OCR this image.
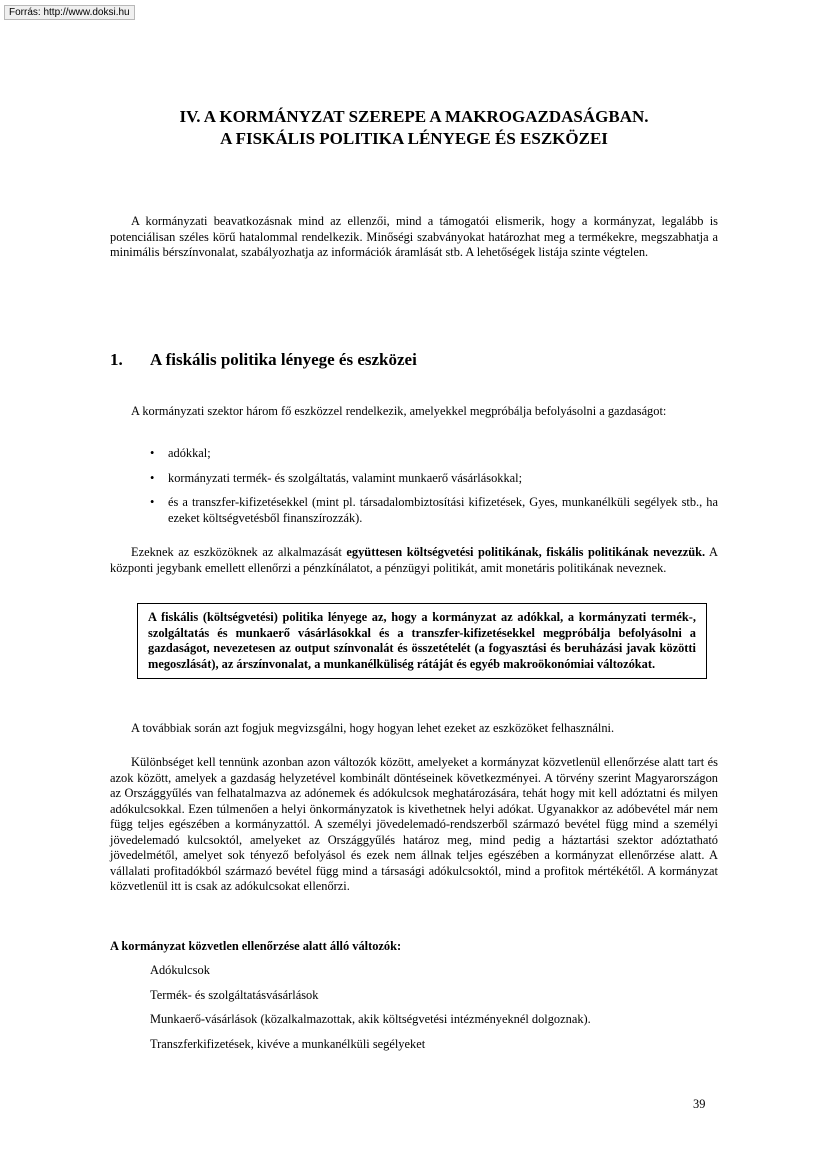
Forrás: http://www.doksi.hu
IV. A KORMÁNYZAT SZEREPE A MAKROGAZDASÁGBAN.
A FISKÁLIS POLITIKA LÉNYEGE ÉS ESZKÖZEI

A kormányzati beavatkozásnak mind az ellenzői, mind a támogatói elismerik, hogy a kormányzat, legalább is potenciálisan széles körű hatalommal rendelkezik. Minőségi szabványokat határozhat meg a termékekre, megszabhatja a minimális bérszínvonalat, szabályozhatja az információk áramlását stb. A lehetőségek listája szinte végtelen.

1. A fiskális politika lényege és eszközei

A kormányzati szektor három fő eszközzel rendelkezik, amelyekkel megpróbálja befolyásolni a gazdaságot:

• adókkal;
• kormányzati termék- és szolgáltatás, valamint munkaerő vásárlásokkal;
• és a transzfer-kifizetésekkel (mint pl. társadalombiztosítási kifizetések, Gyes, munkanélküli segélyek stb., ha ezeket költségvetésből finanszírozzák).

Ezeknek az eszközöknek az alkalmazását együttesen költségvetési politikának, fiskális politikának nevezzük. A központi jegybank emellett ellenőrzi a pénzkínálatot, a pénzügyi politikát, amit monetáris politikának neveznek.

A fiskális (költségvetési) politika lényege az, hogy a kormányzat az adókkal, a kormányzati termék-, szolgáltatás és munkaerő vásárlásokkal és a transzfer-kifizetésekkel megpróbálja befolyásolni a gazdaságot, nevezetesen az output színvonalát és összetételét (a fogyasztási és beruházási javak közötti megoszlását), az árszínvonalat, a munkanélküliség rátáját és egyéb makroökonómiai változókat.

A továbbiak során azt fogjuk megvizsgálni, hogy hogyan lehet ezeket az eszközöket felhasználni.

Különbséget kell tennünk azonban azon változók között, amelyeket a kormányzat közvetlenül ellenőrzése alatt tart és azok között, amelyek a gazdaság helyzetével kombinált döntéseinek következményei. A törvény szerint Magyarországon az Országgyűlés van felhatalmazva az adónemek és adókulcsok meghatározására, tehát hogy mit kell adóztatni és milyen adókulcsokkal. Ezen túlmenően a helyi önkormányzatok is kivethetnek helyi adókat. Ugyanakkor az adóbevétel már nem függ teljes egészében a kormányzattól. A személyi jövedelemadó-rendszerből származó bevétel függ mind a személyi jövedelemadó kulcsoktól, amelyeket az Országgyűlés határoz meg, mind pedig a háztartási szektor adóztatható jövedelmétől, amelyet sok tényező befolyásol és ezek nem állnak teljes egészében a kormányzat ellenőrzése alatt. A vállalati profitadókból származó bevétel függ mind a társasági adókulcsoktól, mind a profitok mértékétől. A kormányzat közvetlenül itt is csak az adókulcsokat ellenőrzi.

A kormányzat közvetlen ellenőrzése alatt álló változók:
Adókulcsok
Termék- és szolgáltatásvásárlások
Munkaerő-vásárlások (közalkalmazottak, akik költségvetési intézményeknél dolgoznak).
Transzferkifizetések, kivéve a munkanélküli segélyeket
39
